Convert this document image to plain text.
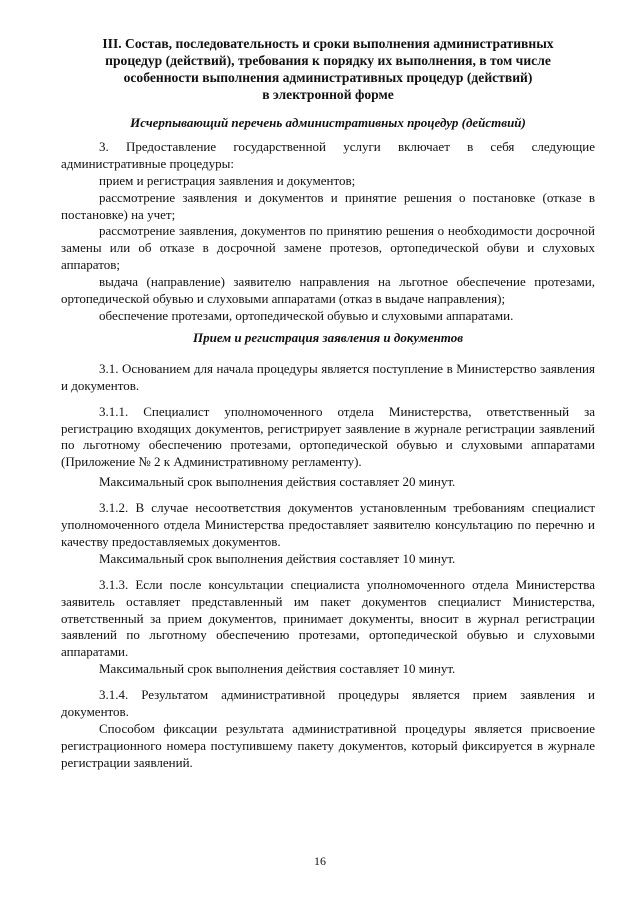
III. Состав, последовательность и сроки выполнения административных
процедур (действий), требования к порядку их выполнения, в том числе
особенности выполнения административных процедур (действий)
в электронной форме

Исчерпывающий перечень административных процедур (действий)

3. Предоставление государственной услуги включает в себя следующие административные процедуры:

прием и регистрация заявления и документов;

рассмотрение заявления и документов и принятие решения о постановке (отказе в постановке) на учет;

рассмотрение заявления, документов по принятию решения о необходимости досрочной замены или об отказе в досрочной замене протезов, ортопедической обуви и слуховых аппаратов;

выдача (направление) заявителю направления на льготное обеспечение протезами, ортопедической обувью и слуховыми аппаратами (отказ в выдаче направления);

обеспечение протезами, ортопедической обувью и слуховыми аппаратами.

Прием и регистрация заявления и документов

3.1. Основанием для начала процедуры является поступление в Министерство заявления и документов.

3.1.1. Специалист уполномоченного отдела Министерства, ответственный за регистрацию входящих документов, регистрирует заявление в журнале регистрации заявлений по льготному обеспечению протезами, ортопедической обувью и слуховыми аппаратами (Приложение № 2 к Административному регламенту).

Максимальный срок выполнения действия составляет 20 минут.

3.1.2. В случае несоответствия документов установленным требованиям специалист уполномоченного отдела Министерства предоставляет заявителю консультацию по перечню и качеству предоставляемых документов.

Максимальный срок выполнения действия составляет 10 минут.

3.1.3. Если после консультации специалиста уполномоченного отдела Министерства заявитель оставляет представленный им пакет документов специалист Министерства, ответственный за прием документов, принимает документы, вносит в журнал регистрации заявлений по льготному обеспечению протезами, ортопедической обувью и слуховыми аппаратами.

Максимальный срок выполнения действия составляет 10 минут.

3.1.4. Результатом административной процедуры является прием заявления и документов.

Способом фиксации результата административной процедуры является присвоение регистрационного номера поступившему пакету документов, который фиксируется в журнале регистрации заявлений.

16
